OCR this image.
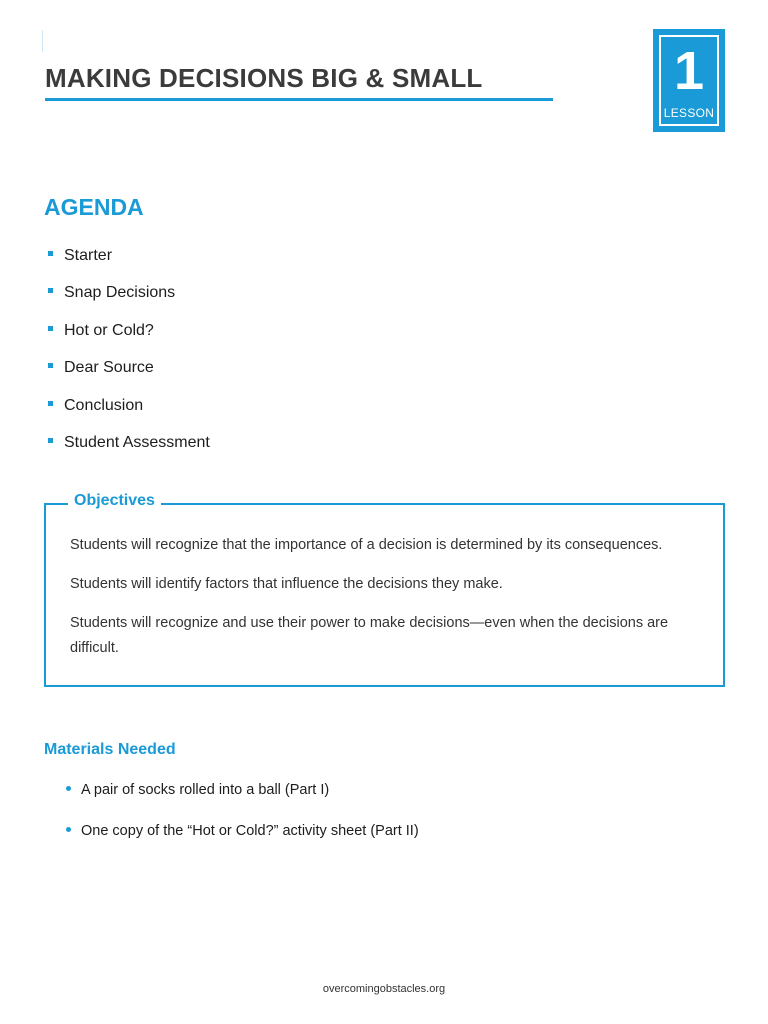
MAKING DECISIONS BIG & SMALL	1
LESSON
AGENDA
Starter
Snap Decisions
Hot or Cold?
Dear Source
Conclusion
Student Assessment
Objectives

Students will recognize that the importance of a decision is determined by its consequences.

Students will identify factors that influence the decisions they make.

Students will recognize and use their power to make decisions—even when the decisions are difficult.

Materials Needed
A pair of socks rolled into a ball (Part I)
One copy of the “Hot or Cold?” activity sheet (Part II)
overcomingobstacles.org
